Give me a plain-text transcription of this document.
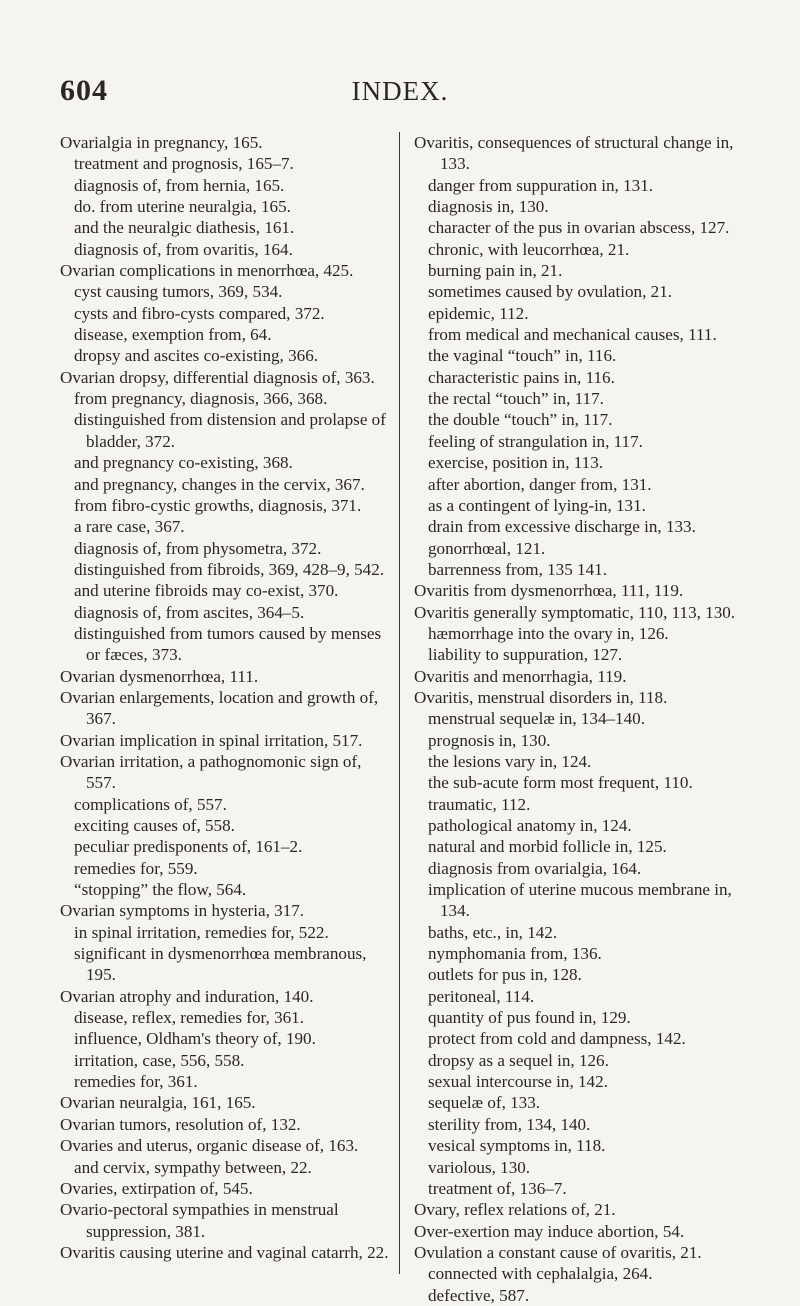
604	INDEX.
Ovarialgia in pregnancy, 165.
treatment and prognosis, 165–7.
diagnosis of, from hernia, 165.
do. from uterine neuralgia, 165.
and the neuralgic diathesis, 161.
diagnosis of, from ovaritis, 164.
Ovarian complications in menorrhœa, 425.
cyst causing tumors, 369, 534.
cysts and fibro-cysts compared, 372.
disease, exemption from, 64.
dropsy and ascites co-existing, 366.
Ovarian dropsy, differential diagnosis of, 363.
from pregnancy, diagnosis, 366, 368.
distinguished from distension and prolapse of bladder, 372.
and pregnancy co-existing, 368.
and pregnancy, changes in the cervix, 367.
from fibro-cystic growths, diagnosis, 371.
a rare case, 367.
diagnosis of, from physometra, 372.
distinguished from fibroids, 369, 428–9, 542.
and uterine fibroids may co-exist, 370.
diagnosis of, from ascites, 364–5.
distinguished from tumors caused by menses or fæces, 373.
Ovarian dysmenorrhœa, 111.
Ovarian enlargements, location and growth of, 367.
Ovarian implication in spinal irritation, 517.
Ovarian irritation, a pathognomonic sign of, 557.
complications of, 557.
exciting causes of, 558.
peculiar predisponents of, 161–2.
remedies for, 559.
“stopping” the flow, 564.
Ovarian symptoms in hysteria, 317.
in spinal irritation, remedies for, 522.
significant in dysmenorrhœa membranous, 195.
Ovarian atrophy and induration, 140.
disease, reflex, remedies for, 361.
influence, Oldham's theory of, 190.
irritation, case, 556, 558.
remedies for, 361.
Ovarian neuralgia, 161, 165.
Ovarian tumors, resolution of, 132.
Ovaries and uterus, organic disease of, 163.
and cervix, sympathy between, 22.
Ovaries, extirpation of, 545.
Ovario-pectoral sympathies in menstrual suppression, 381.
Ovaritis causing uterine and vaginal catarrh, 22.
Ovaritis, consequences of structural change in, 133.
danger from suppuration in, 131.
diagnosis in, 130.
character of the pus in ovarian abscess, 127.
chronic, with leucorrhœa, 21.
burning pain in, 21.
sometimes caused by ovulation, 21.
epidemic, 112.
from medical and mechanical causes, 111.
the vaginal “touch” in, 116.
characteristic pains in, 116.
the rectal “touch” in, 117.
the double “touch” in, 117.
feeling of strangulation in, 117.
exercise, position in, 113.
after abortion, danger from, 131.
as a contingent of lying-in, 131.
drain from excessive discharge in, 133.
gonorrhœal, 121.
barrenness from, 135 141.
Ovaritis from dysmenorrhœa, 111, 119.
Ovaritis generally symptomatic, 110, 113, 130.
hæmorrhage into the ovary in, 126.
liability to suppuration, 127.
Ovaritis and menorrhagia, 119.
Ovaritis, menstrual disorders in, 118.
menstrual sequelæ in, 134–140.
prognosis in, 130.
the lesions vary in, 124.
the sub-acute form most frequent, 110.
traumatic, 112.
pathological anatomy in, 124.
natural and morbid follicle in, 125.
diagnosis from ovarialgia, 164.
implication of uterine mucous membrane in, 134.
baths, etc., in, 142.
nymphomania from, 136.
outlets for pus in, 128.
peritoneal, 114.
quantity of pus found in, 129.
protect from cold and dampness, 142.
dropsy as a sequel in, 126.
sexual intercourse in, 142.
sequelæ of, 133.
sterility from, 134, 140.
vesical symptoms in, 118.
variolous, 130.
treatment of, 136–7.
Ovary, reflex relations of, 21.
Over-exertion may induce abortion, 54.
Ovulation a constant cause of ovaritis, 21.
connected with cephalalgia, 264.
defective, 587.
